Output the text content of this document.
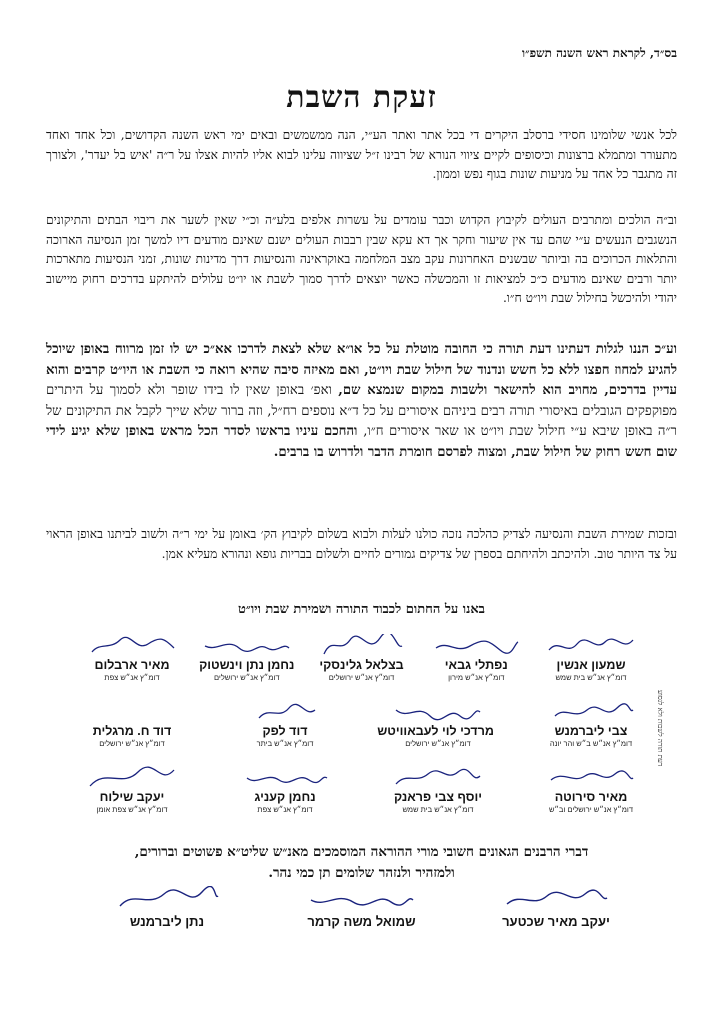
בס״ד, לקראת ראש השנה תשפ״ו
זעקת השבת
לכל אנשי שלומינו חסידי ברסלב היקרים די בכל אתר ואתר הע״י, הנה ממשמשים ובאים ימי ראש השנה הקדושים, וכל אחד ואחד מתעורר ומתמלא ברצונות וכיסופים לקיים ציווי הנורא של רבינו ז״ל שציווה עלינו לבוא אליו להיות אצלו על ר״ה 'איש בל יעדר', ולצורך זה מתגבר כל אחד על מניעות שונות בגוף נפש וממון.
וב״ה הולכים ומתרבים העולים לקיבוץ הקדוש וכבר עומדים על עשרות אלפים בלע״ה וכ״י שאין לשער את ריבוי הבתים והתיקונים הנשגבים הנעשים ע״י שהם עד אין שיעור וחקר אך דא עקא שבין רבבות העולים ישנם שאינם מודעים דיו למשך זמן הנסיעה הארוכה והתלאות הכרוכים בה וביותר שבשנים האחרונות עקב מצב המלחמה באוקראינה והנסיעות דרך מדינות שונות, זמני הנסיעות מתארכות יותר ורבים שאינם מודעים כ״כ למציאות זו והמכשלה כאשר יוצאים לדרך סמוך לשבת או יו״ט עלולים להיתקע בדרכים רחוק מיישוב יהודי ולהיכשל בחילול שבת ויו״ט ח״ו.
וע״כ הננו לגלות דעתינו דעת תורה כי החובה מוטלת על כל או״א שלא לצאת לדרכו אא״כ יש לו זמן מרווח באופן שיוכל להגיע למחוז חפצו ללא כל חשש ונדנוד של חילול שבת ויו״ט, ואם מאיזה סיבה שהיא רואה כי השבת או היו״ט קרבים והוא עדיין בדרכים, מחויב הוא להישאר ולשבות במקום שנמצא שם, ואפ׳ באופן שאין לו בידו שופר ולא לסמוך על היתרים מפוקפקים הגובלים באיסורי תורה רבים ביניהם איסורים על כל ד״א נוספים רח״ל, וזה ברור שלא שייך לקבל את התיקונים של ר״ה באופן שיבא ע״י חילול שבת ויו״ט או שאר איסורים ח״ו, והחכם עיניו בראשו לסדר הכל מראש באופן שלא יגיע לידי שום חשש רחוק של חילול שבת, ומצוה לפרסם חומרת הדבר ולדרוש בו ברבים.
ובזכות שמירת השבת והנסיעה לצדיק כהלכה נזכה כולנו לעלות ולבוא בשלום לקיבוץ הק׳ באומן על ימי ר״ה ולשוב לביתנו באופן הראוי על צד היותר טוב. ולהיכתב ולהיחתם בספרן של צדיקים גמורים לחיים ולשלום בבריות גופא ונהורא מעליא אמן.
באנו על החתום לכבוד התורה ושמירת שבת ויו״ט
שמעון אנשין
דומ״ץ אנ״ש בית שמש
נפתלי גבאי
דומ״ץ אנ״ש מירון
בצלאל גלינסקי
דומ״ץ אנ״ש ירושלים
נחמן נתן וינשטוק
דומ״ץ אנ״ש ירושלים
מאיר ארבלום
דומ״ץ אנ״ש צפת
צבי ליברמנש
דומ״ץ אנ״ש ב״ש והר יונה
מרדכי לוי לעבאוויטש
דומ״ץ אנ״ש ירושלים
דוד לפק
דומ״ץ אנ״ש ביתר
דוד ח. מרגלית
דומ״ץ אנ״ש ירושלים
מאיר סירוטה
דומ״ץ אנ״ש ירושלים וב״ש
יוסף צבי פראנק
דומ״ץ אנ״ש בית שמש
נחמן קעניג
דומ״ץ אנ״ש צפת
יעקב שילוח
דומ״ץ אנ״ש צפת אומן
דעת תורה לשבות ולא לנסוע
דברי הרבנים הגאונים חשובי מורי ההוראה המוסמכים מאנ״ש שליט״א פשוטים וברורים,
ולמזהיר ולנזהר שלומים תן כמי נהר.
יעקב מאיר שכטער
שמואל משה קרמר
נתן ליברמנש
